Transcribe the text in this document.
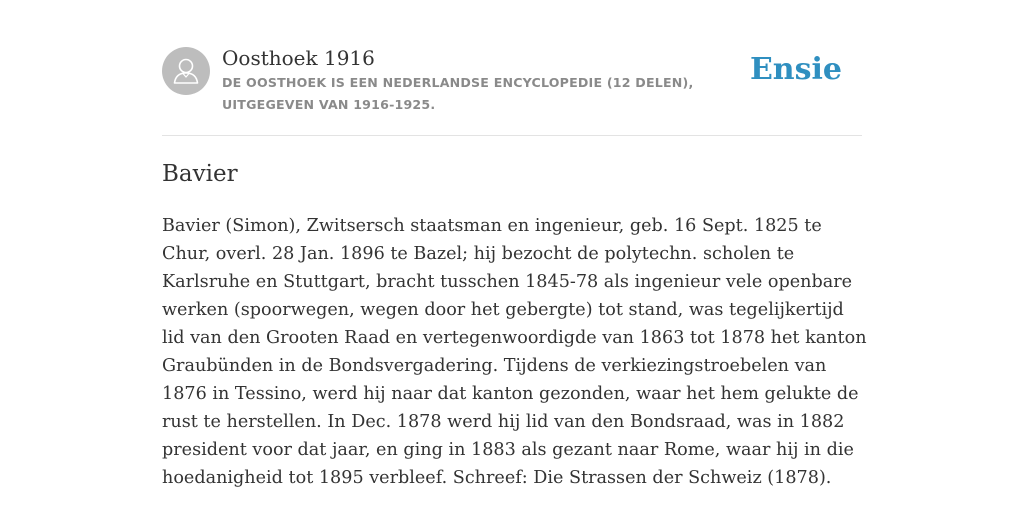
Oosthoek 1916
DE OOSTHOEK IS EEN NEDERLANDSE ENCYCLOPEDIE (12 DELEN), UITGEGEVEN VAN 1916-1925.
Ensie
Bavier

Bavier (Simon), Zwitsersch staatsman en ingenieur, geb. 16 Sept. 1825 te Chur, overl. 28 Jan. 1896 te Bazel; hij bezocht de polytechn. scholen te Karlsruhe en Stuttgart, bracht tusschen 1845-78 als ingenieur vele openbare werken (spoorwegen, wegen door het gebergte) tot stand, was tegelijkertijd lid van den Grooten Raad en vertegenwoordigde van 1863 tot 1878 het kanton Graubünden in de Bondsvergadering. Tijdens de verkiezingstroebelen van 1876 in Tessino, werd hij naar dat kanton gezonden, waar het hem gelukte de rust te herstellen. In Dec. 1878 werd hij lid van den Bondsraad, was in 1882 president voor dat jaar, en ging in 1883 als gezant naar Rome, waar hij in die hoedanigheid tot 1895 verbleef. Schreef: Die Strassen der Schweiz (1878).
